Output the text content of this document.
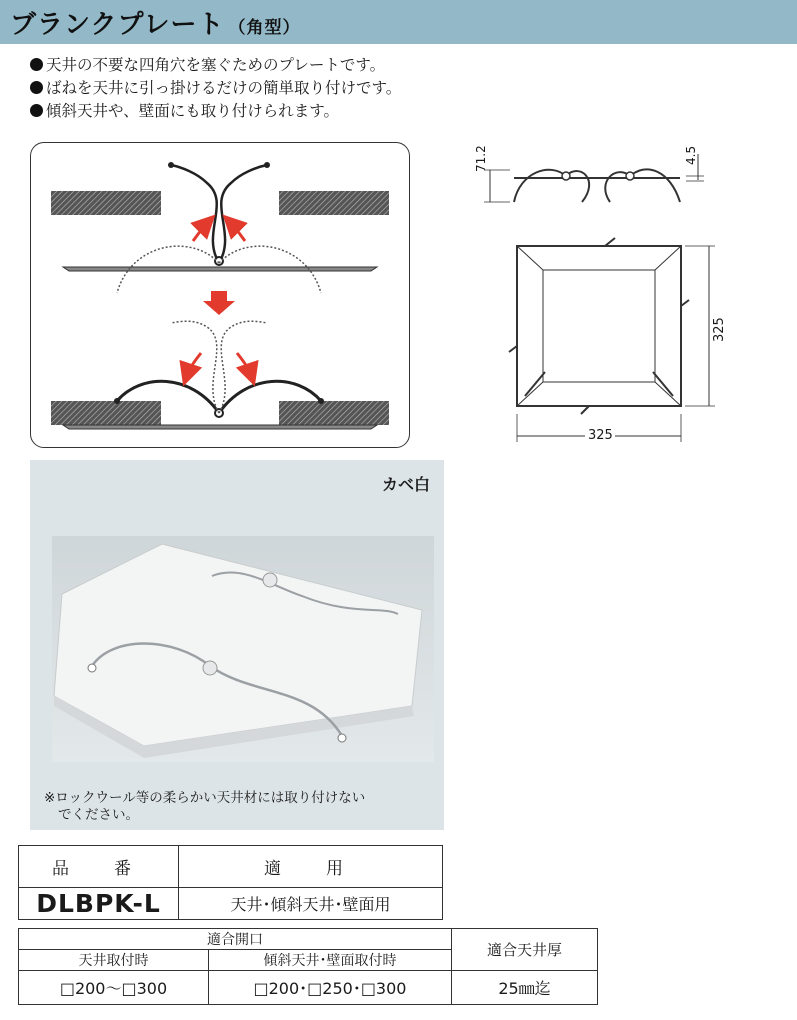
ブランクプレート （角型）
天井の不要な四角穴を塞ぐためのプレートです。
ばねを天井に引っ掛けるだけの簡単取り付けです。
傾斜天井や、壁面にも取り付けられます。
71.2	4.5
325
325
カベ白
※ロックウール等の柔らかい天井材には取り付けない
でください。
品　番	適　用
DLBPK-L	天井･傾斜天井･壁面用
適合開口		適合天井厚
天井取付時	傾斜天井･壁面取付時	
□200～□300	□200･□250･□300	25㎜迄
